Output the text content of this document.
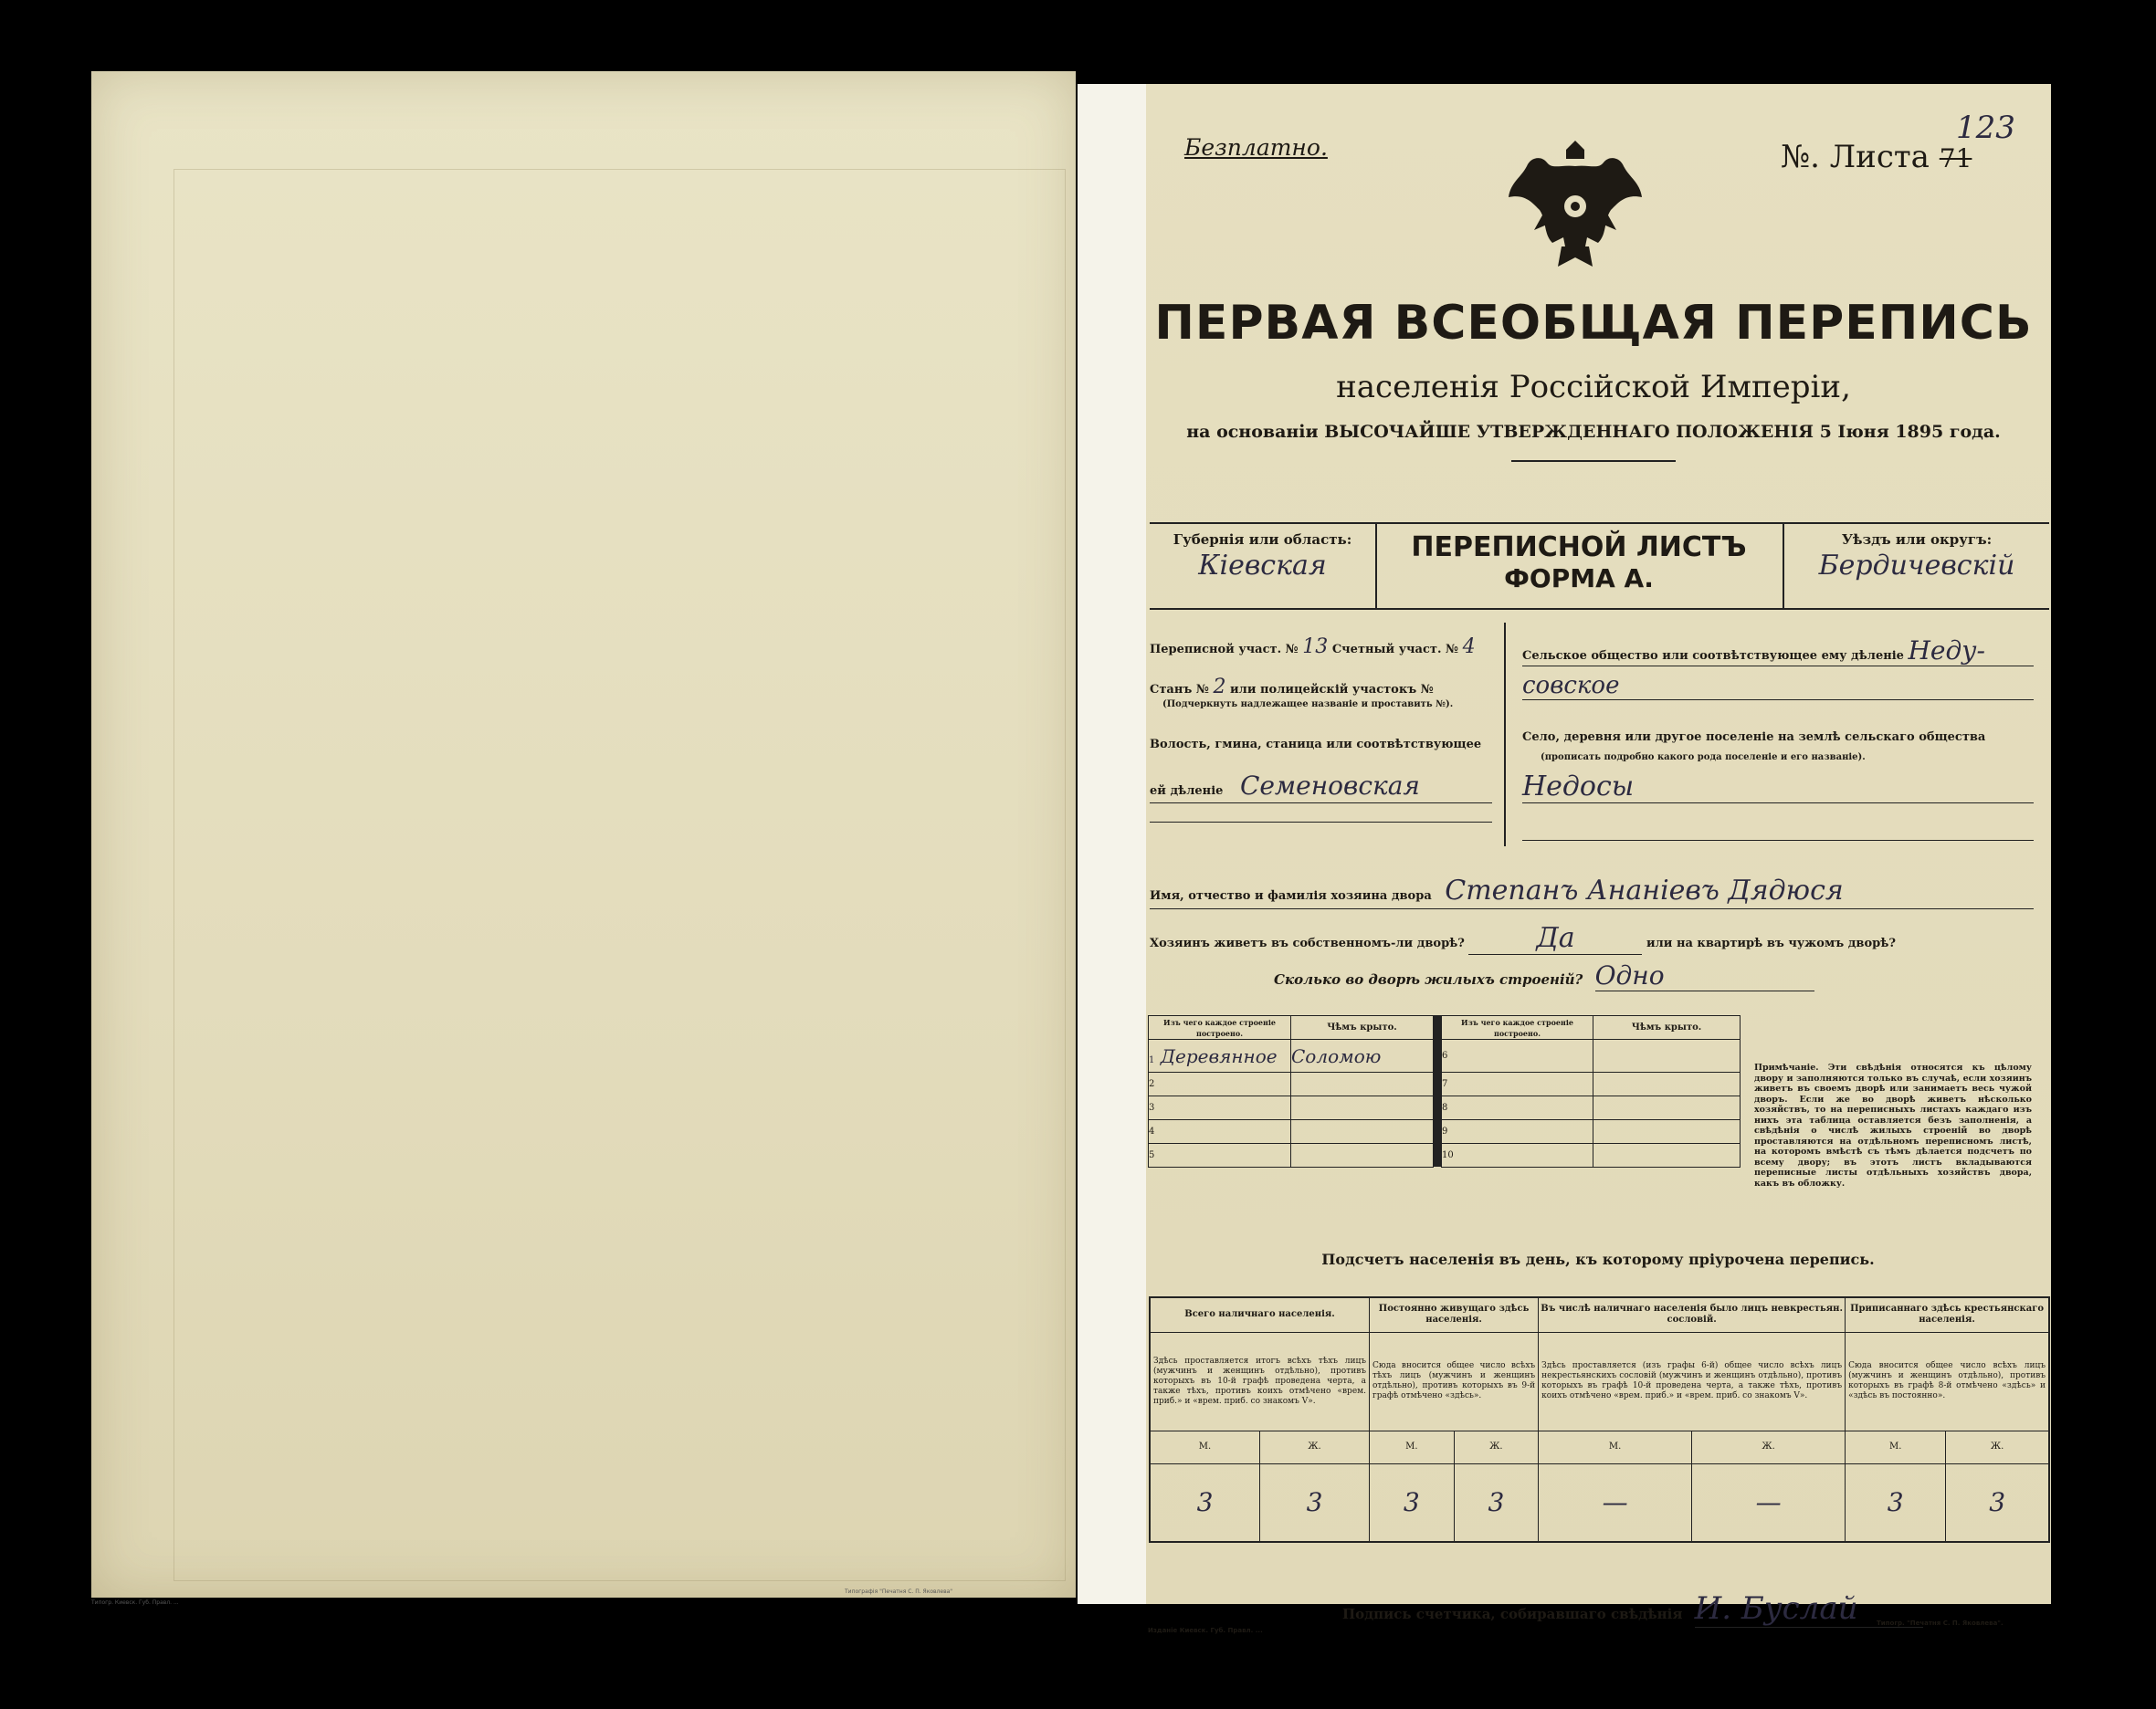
Типогр. Киевск. Губ. Правл. ...
Типографія "Печатня С. П. Яковлева"
Безплатно.	№. Листа 71
123
ПЕРВАЯ ВСЕОБЩАЯ ПЕРЕПИСЬ
населенія Россійской Имперіи,
на основаніи ВЫСОЧАЙШЕ УТВЕРЖДЕННАГО ПОЛОЖЕНІЯ 5 Іюня 1895 года.
Губернія или область:
Кіевская
ПЕРЕПИСНОЙ ЛИСТЪ
ФОРМА А.
Уѣздъ или округъ:
Бердичевскій
Переписной участ. № 13 Счетный участ. № 4
Станъ № 2 или полицейскій участокъ №
(Подчеркнуть надлежащее названіе и проставить №).
Волость, гмина, станица или соотвѣтствующее
ей дѣленіе Семеновская
Сельское общество или соотвѣтствующее ему дѣленіе Неду-
совское
Село, деревня или другое поселеніе на землѣ сельскаго общества
(прописать подробно какого рода поселеніе и его названіе).
Недосы
Имя, отчество и фамилія хозяина двора Степанъ Ананіевъ Дядюся
Хозяинъ живетъ въ собственномъ-ли дворѣ?	Да	или на квартирѣ въ чужомъ дворѣ?
Сколько во дворѣ жилыхъ строеній? Одно
Изъ чего каждое строеніе построено.	Чѣмъ крыто.
1 Деревянное	Соломою
2	
3	
4	
5	
Изъ чего каждое строеніе построено.	Чѣмъ крыто.
6	
7	
8	
9	
10	
Примѣчаніе. Эти свѣдѣнія относятся къ цѣлому двору и заполняются только въ случаѣ, если хозяинъ живетъ въ своемъ дворѣ или занимаетъ весь чужой дворъ. Если же во дворѣ живетъ нѣсколько хозяйствъ, то на переписныхъ листахъ каждаго изъ нихъ эта таблица оставляется безъ заполненія, а свѣдѣнія о числѣ жилыхъ строеній во дворѣ проставляются на отдѣльномъ переписномъ листѣ, на которомъ вмѣстѣ съ тѣмъ дѣлается подсчетъ по всему двору; въ этотъ листъ вкладываются переписные листы отдѣльныхъ хозяйствъ двора, какъ въ обложку.
Подсчетъ населенія въ день, къ которому пріурочена перепись.
Всего наличнаго населенія.		Постоянно живущаго здѣсь населенія.		Въ числѣ наличнаго населенія было лицъ невкрестьян. сословій.		Приписаннаго здѣсь крестьянскаго населенія.	
Здѣсь проставляется итогъ всѣхъ тѣхъ лицъ (мужчинъ и женщинъ отдѣльно), противъ которыхъ въ 10-й графѣ проведена черта, а также тѣхъ, противъ коихъ отмѣчено «врем. приб.» и «врем. приб. со знакомъ V».		Сюда вносится общее число всѣхъ тѣхъ лицъ (мужчинъ и женщинъ отдѣльно), противъ которыхъ въ 9-й графѣ отмѣчено «здѣсь».		Здѣсь проставляется (изъ графы 6-й) общее число всѣхъ лицъ некрестьянскихъ сословій (мужчинъ и женщинъ отдѣльно), противъ которыхъ въ графѣ 10-й проведена черта, а также тѣхъ, противъ коихъ отмѣчено «врем. приб.» и «врем. приб. со знакомъ V».		Сюда вносится общее число всѣхъ лицъ (мужчинъ и женщинъ отдѣльно), противъ которыхъ въ графѣ 8-й отмѣчено «здѣсь» и «здѣсь въ постоянно».	
М.	Ж.	М.	Ж.	М.	Ж.	М.	Ж.
3	3	3	3	—	—	3	3
Подпись счетчика, собиравшаго свѣдѣнія И. Буслай
Изданіе Киевск. Губ. Правл. ...
Типогр. "Печатня С. П. Яковлева".
